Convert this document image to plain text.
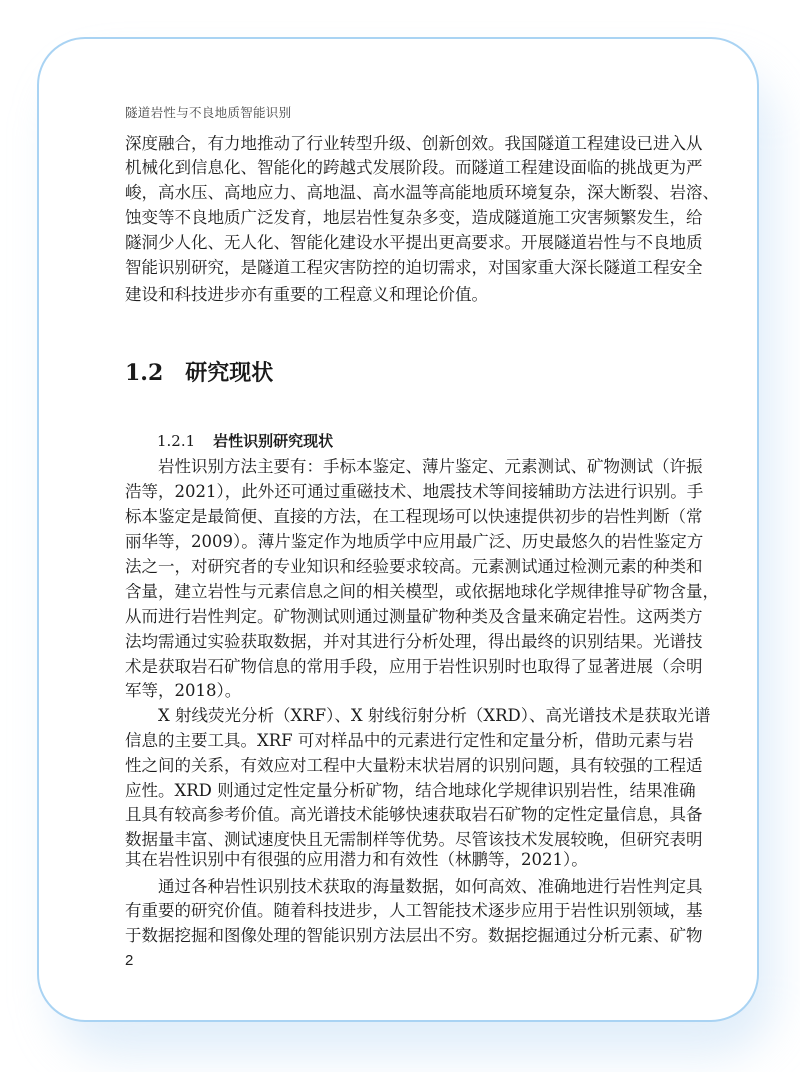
隧道岩性与不良地质智能识别
深度融合，有力地推动了行业转型升级、创新创效。我国隧道工程建设已进入从
机械化到信息化、智能化的跨越式发展阶段。而隧道工程建设面临的挑战更为严
峻，高水压、高地应力、高地温、高水温等高能地质环境复杂，深大断裂、岩溶、
蚀变等不良地质广泛发育，地层岩性复杂多变，造成隧道施工灾害频繁发生，给
隧洞少人化、无人化、智能化建设水平提出更高要求。开展隧道岩性与不良地质
智能识别研究，是隧道工程灾害防控的迫切需求，对国家重大深长隧道工程安全
建设和科技进步亦有重要的工程意义和理论价值。
1.2 研究现状
1.2.1 岩性识别研究现状
岩性识别方法主要有：手标本鉴定、薄片鉴定、元素测试、矿物测试（许振
浩等，2021），此外还可通过重磁技术、地震技术等间接辅助方法进行识别。手
标本鉴定是最简便、直接的方法，在工程现场可以快速提供初步的岩性判断（常
丽华等，2009）。薄片鉴定作为地质学中应用最广泛、历史最悠久的岩性鉴定方
法之一，对研究者的专业知识和经验要求较高。元素测试通过检测元素的种类和
含量，建立岩性与元素信息之间的相关模型，或依据地球化学规律推导矿物含量，
从而进行岩性判定。矿物测试则通过测量矿物种类及含量来确定岩性。这两类方
法均需通过实验获取数据，并对其进行分析处理，得出最终的识别结果。光谱技
术是获取岩石矿物信息的常用手段，应用于岩性识别时也取得了显著进展（佘明
军等，2018）。
X 射线荧光分析（XRF）、X 射线衍射分析（XRD）、高光谱技术是获取光谱
信息的主要工具。XRF 可对样品中的元素进行定性和定量分析，借助元素与岩
性之间的关系，有效应对工程中大量粉末状岩屑的识别问题，具有较强的工程适
应性。XRD 则通过定性定量分析矿物，结合地球化学规律识别岩性，结果准确
且具有较高参考价值。高光谱技术能够快速获取岩石矿物的定性定量信息，具备
数据量丰富、测试速度快且无需制样等优势。尽管该技术发展较晚，但研究表明
其在岩性识别中有很强的应用潜力和有效性（林鹏等，2021）。
通过各种岩性识别技术获取的海量数据，如何高效、准确地进行岩性判定具
有重要的研究价值。随着科技进步，人工智能技术逐步应用于岩性识别领域，基
于数据挖掘和图像处理的智能识别方法层出不穷。数据挖掘通过分析元素、矿物
2
